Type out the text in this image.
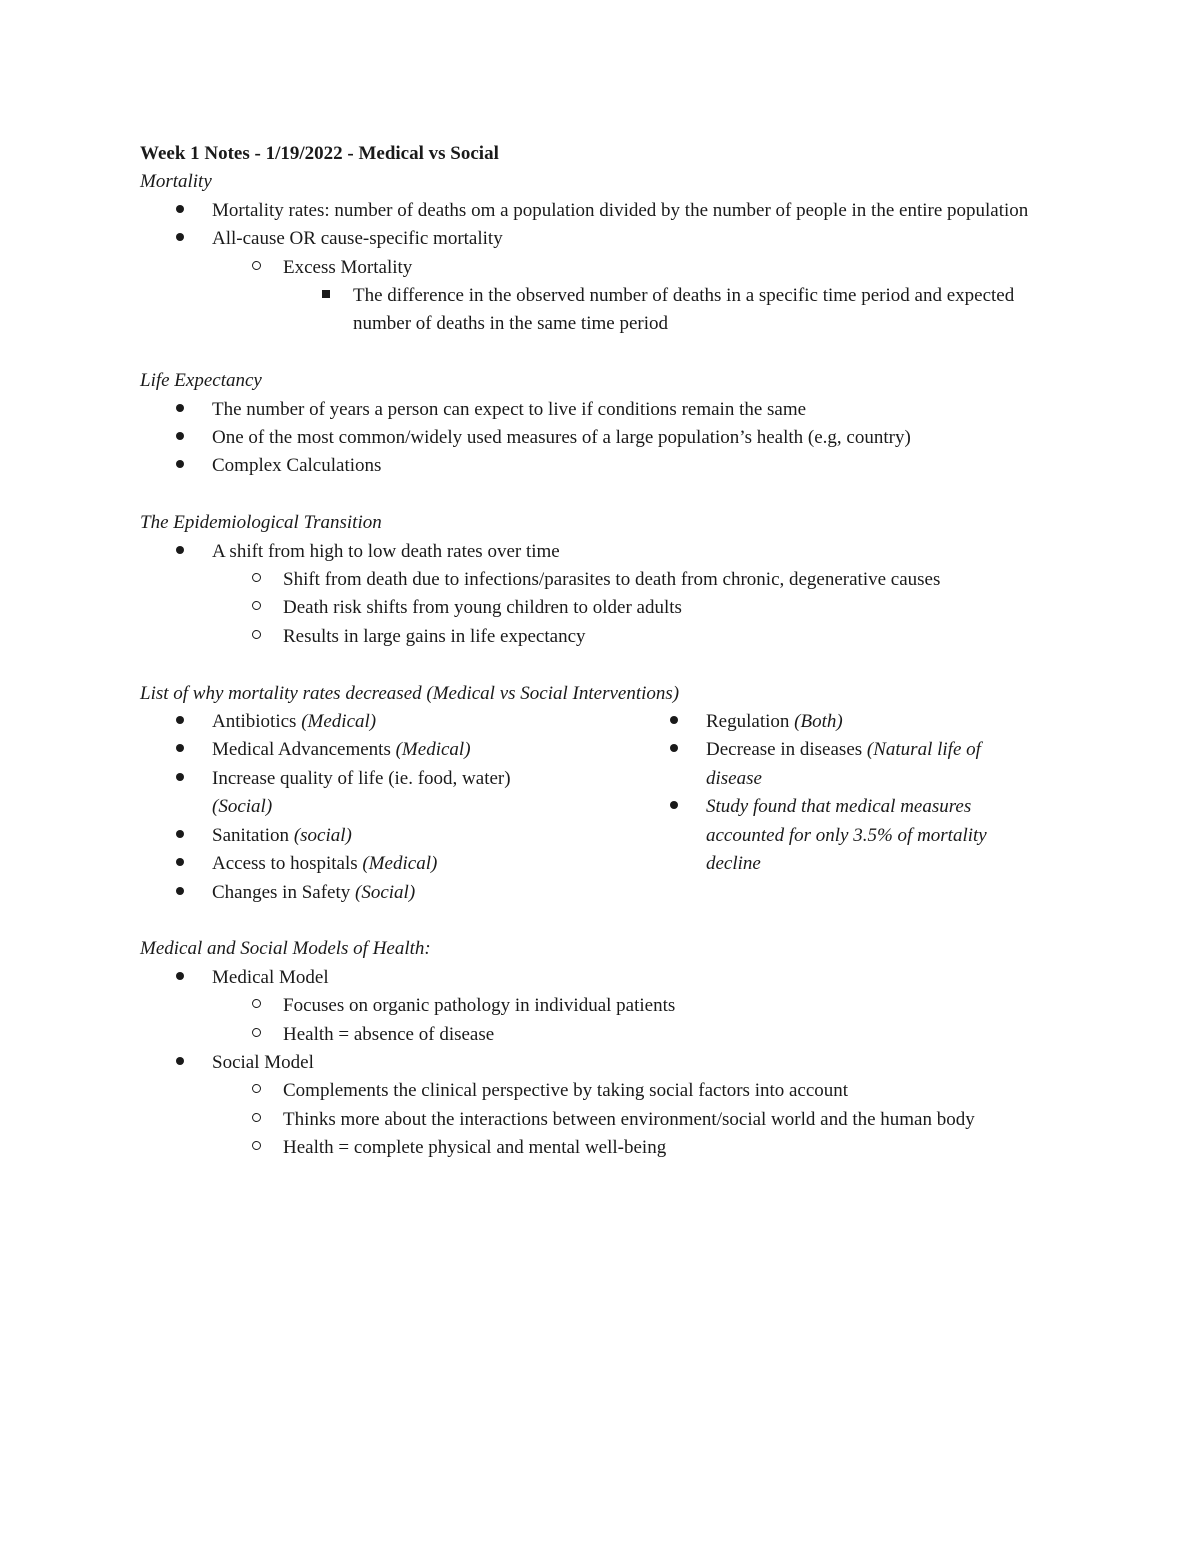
Week 1 Notes - 1/19/2022 - Medical vs Social
Mortality
Mortality rates: number of deaths om a population divided by the number of people in the entire population
All-cause OR cause-specific mortality
Excess Mortality
The difference in the observed number of deaths in a specific time period and expected number of deaths in the same time period
Life Expectancy
The number of years a person can expect to live if conditions remain the same
One of the most common/widely used measures of a large population’s health (e.g, country)
Complex Calculations
The Epidemiological Transition
A shift from high to low death rates over time
Shift from death due to infections/parasites to death from chronic, degenerative causes
Death risk shifts from young children to older adults
Results in large gains in life expectancy
List of why mortality rates decreased (Medical vs Social Interventions)
Antibiotics (Medical)
Medical Advancements (Medical)
Increase quality of life (ie. food, water) (Social)
Sanitation (social)
Access to hospitals (Medical)
Changes in Safety (Social)
Regulation (Both)
Decrease in diseases (Natural life of disease
Study found that medical measures accounted for only 3.5% of mortality decline
Medical and Social Models of Health:
Medical Model
Focuses on organic pathology in individual patients
Health = absence of disease
Social Model
Complements the clinical perspective by taking social factors into account
Thinks more about the interactions between environment/social world and the human body
Health = complete physical and mental well-being
